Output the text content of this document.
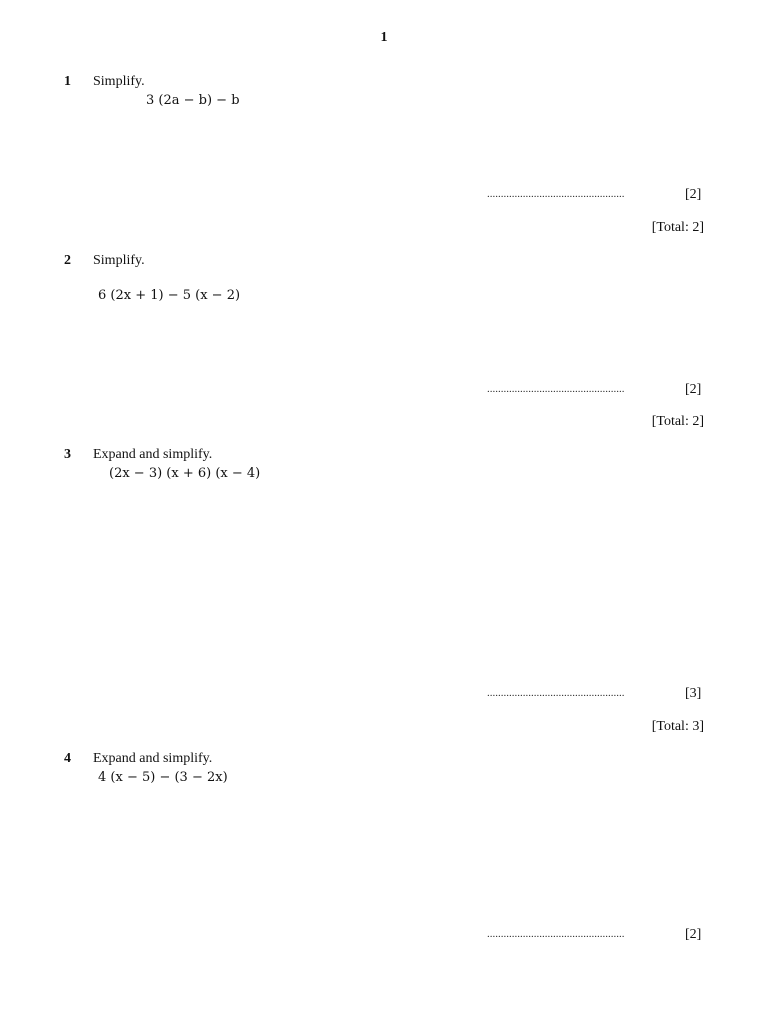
1
1 Simplify.
3 (2a − b) − b
..................................................	[2]
[Total: 2]
2 Simplify.
6 (2x + 1) − 5 (x − 2)
..................................................	[2]
[Total: 2]
3 Expand and simplify.
(2x − 3) (x + 6) (x − 4)
..................................................	[3]
[Total: 3]
4 Expand and simplify.
4 (x − 5) − (3 − 2x)
..................................................	[2]
